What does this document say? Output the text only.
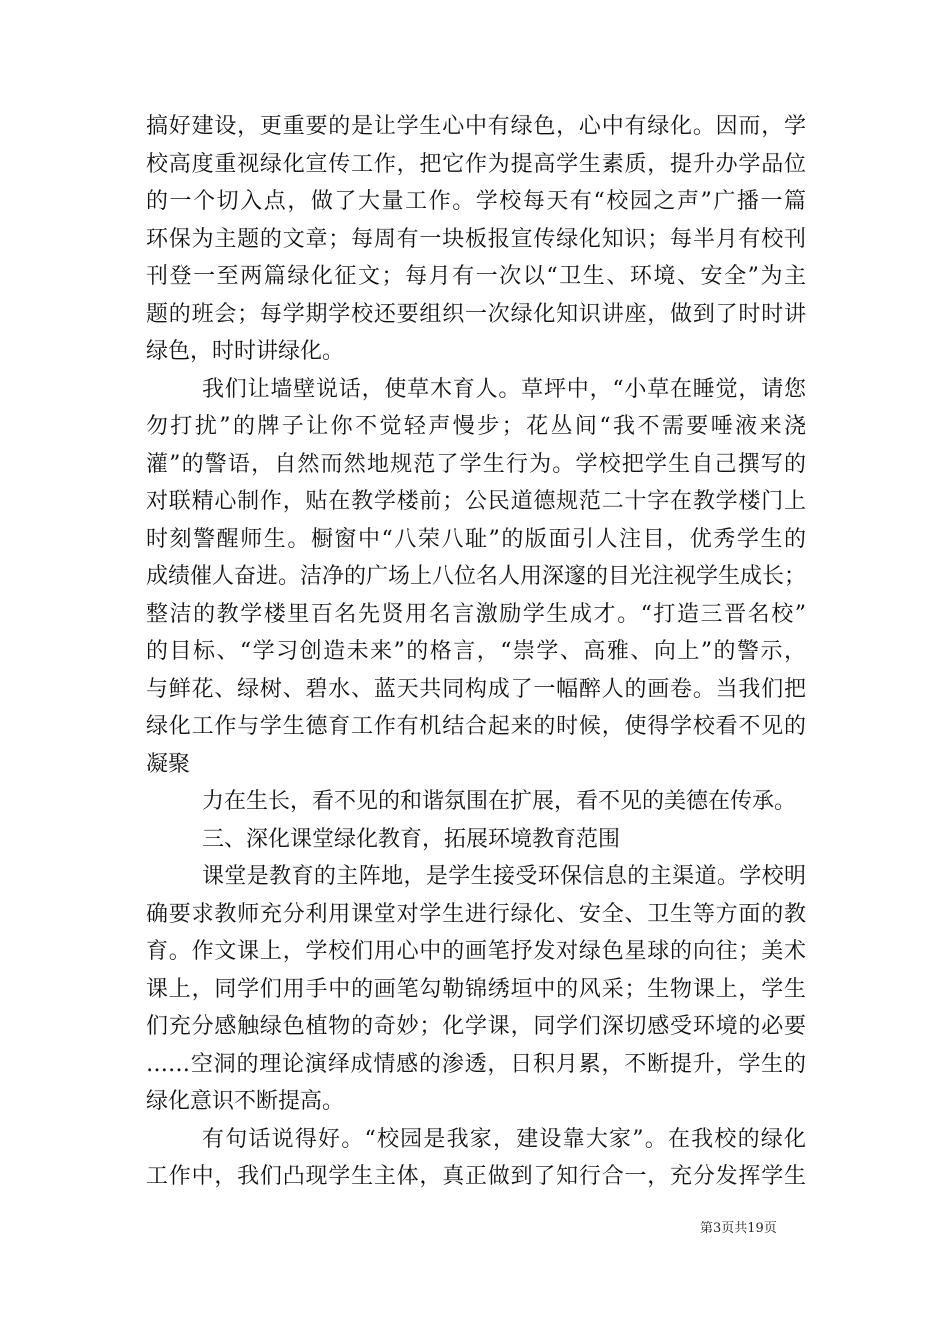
搞好建设，更重要的是让学生心中有绿色，心中有绿化。因而，学
校高度重视绿化宣传工作，把它作为提高学生素质，提升办学品位
的一个切入点，做了大量工作。学校每天有“校园之声”广播一篇
环保为主题的文章；每周有一块板报宣传绿化知识；每半月有校刊
刊登一至两篇绿化征文；每月有一次以“卫生、环境、安全”为主
题的班会；每学期学校还要组织一次绿化知识讲座，做到了时时讲
绿色，时时讲绿化。
我们让墙壁说话，使草木育人。草坪中，“小草在睡觉，请您
勿打扰”的牌子让你不觉轻声慢步；花丛间“我不需要唾液来浇
灌”的警语，自然而然地规范了学生行为。学校把学生自己撰写的
对联精心制作，贴在教学楼前；公民道德规范二十字在教学楼门上
时刻警醒师生。橱窗中“八荣八耻”的版面引人注目，优秀学生的
成绩催人奋进。洁净的广场上八位名人用深邃的目光注视学生成长；
整洁的教学楼里百名先贤用名言激励学生成才。“打造三晋名校”
的目标、“学习创造未来”的格言，“崇学、高雅、向上”的警示，
与鲜花、绿树、碧水、蓝天共同构成了一幅醉人的画卷。当我们把
绿化工作与学生德育工作有机结合起来的时候，使得学校看不见的
凝聚
力在生长，看不见的和谐氛围在扩展，看不见的美德在传承。
三、深化课堂绿化教育，拓展环境教育范围
课堂是教育的主阵地，是学生接受环保信息的主渠道。学校明
确要求教师充分利用课堂对学生进行绿化、安全、卫生等方面的教
育。作文课上，学校们用心中的画笔抒发对绿色星球的向往；美术
课上，同学们用手中的画笔勾勒锦绣垣中的风采；生物课上，学生
们充分感触绿色植物的奇妙；化学课，同学们深切感受环境的必要
……空洞的理论演绎成情感的渗透，日积月累，不断提升，学生的
绿化意识不断提高。
有句话说得好。“校园是我家，建设靠大家”。在我校的绿化
工作中，我们凸现学生主体，真正做到了知行合一，充分发挥学生
第3页共19页
